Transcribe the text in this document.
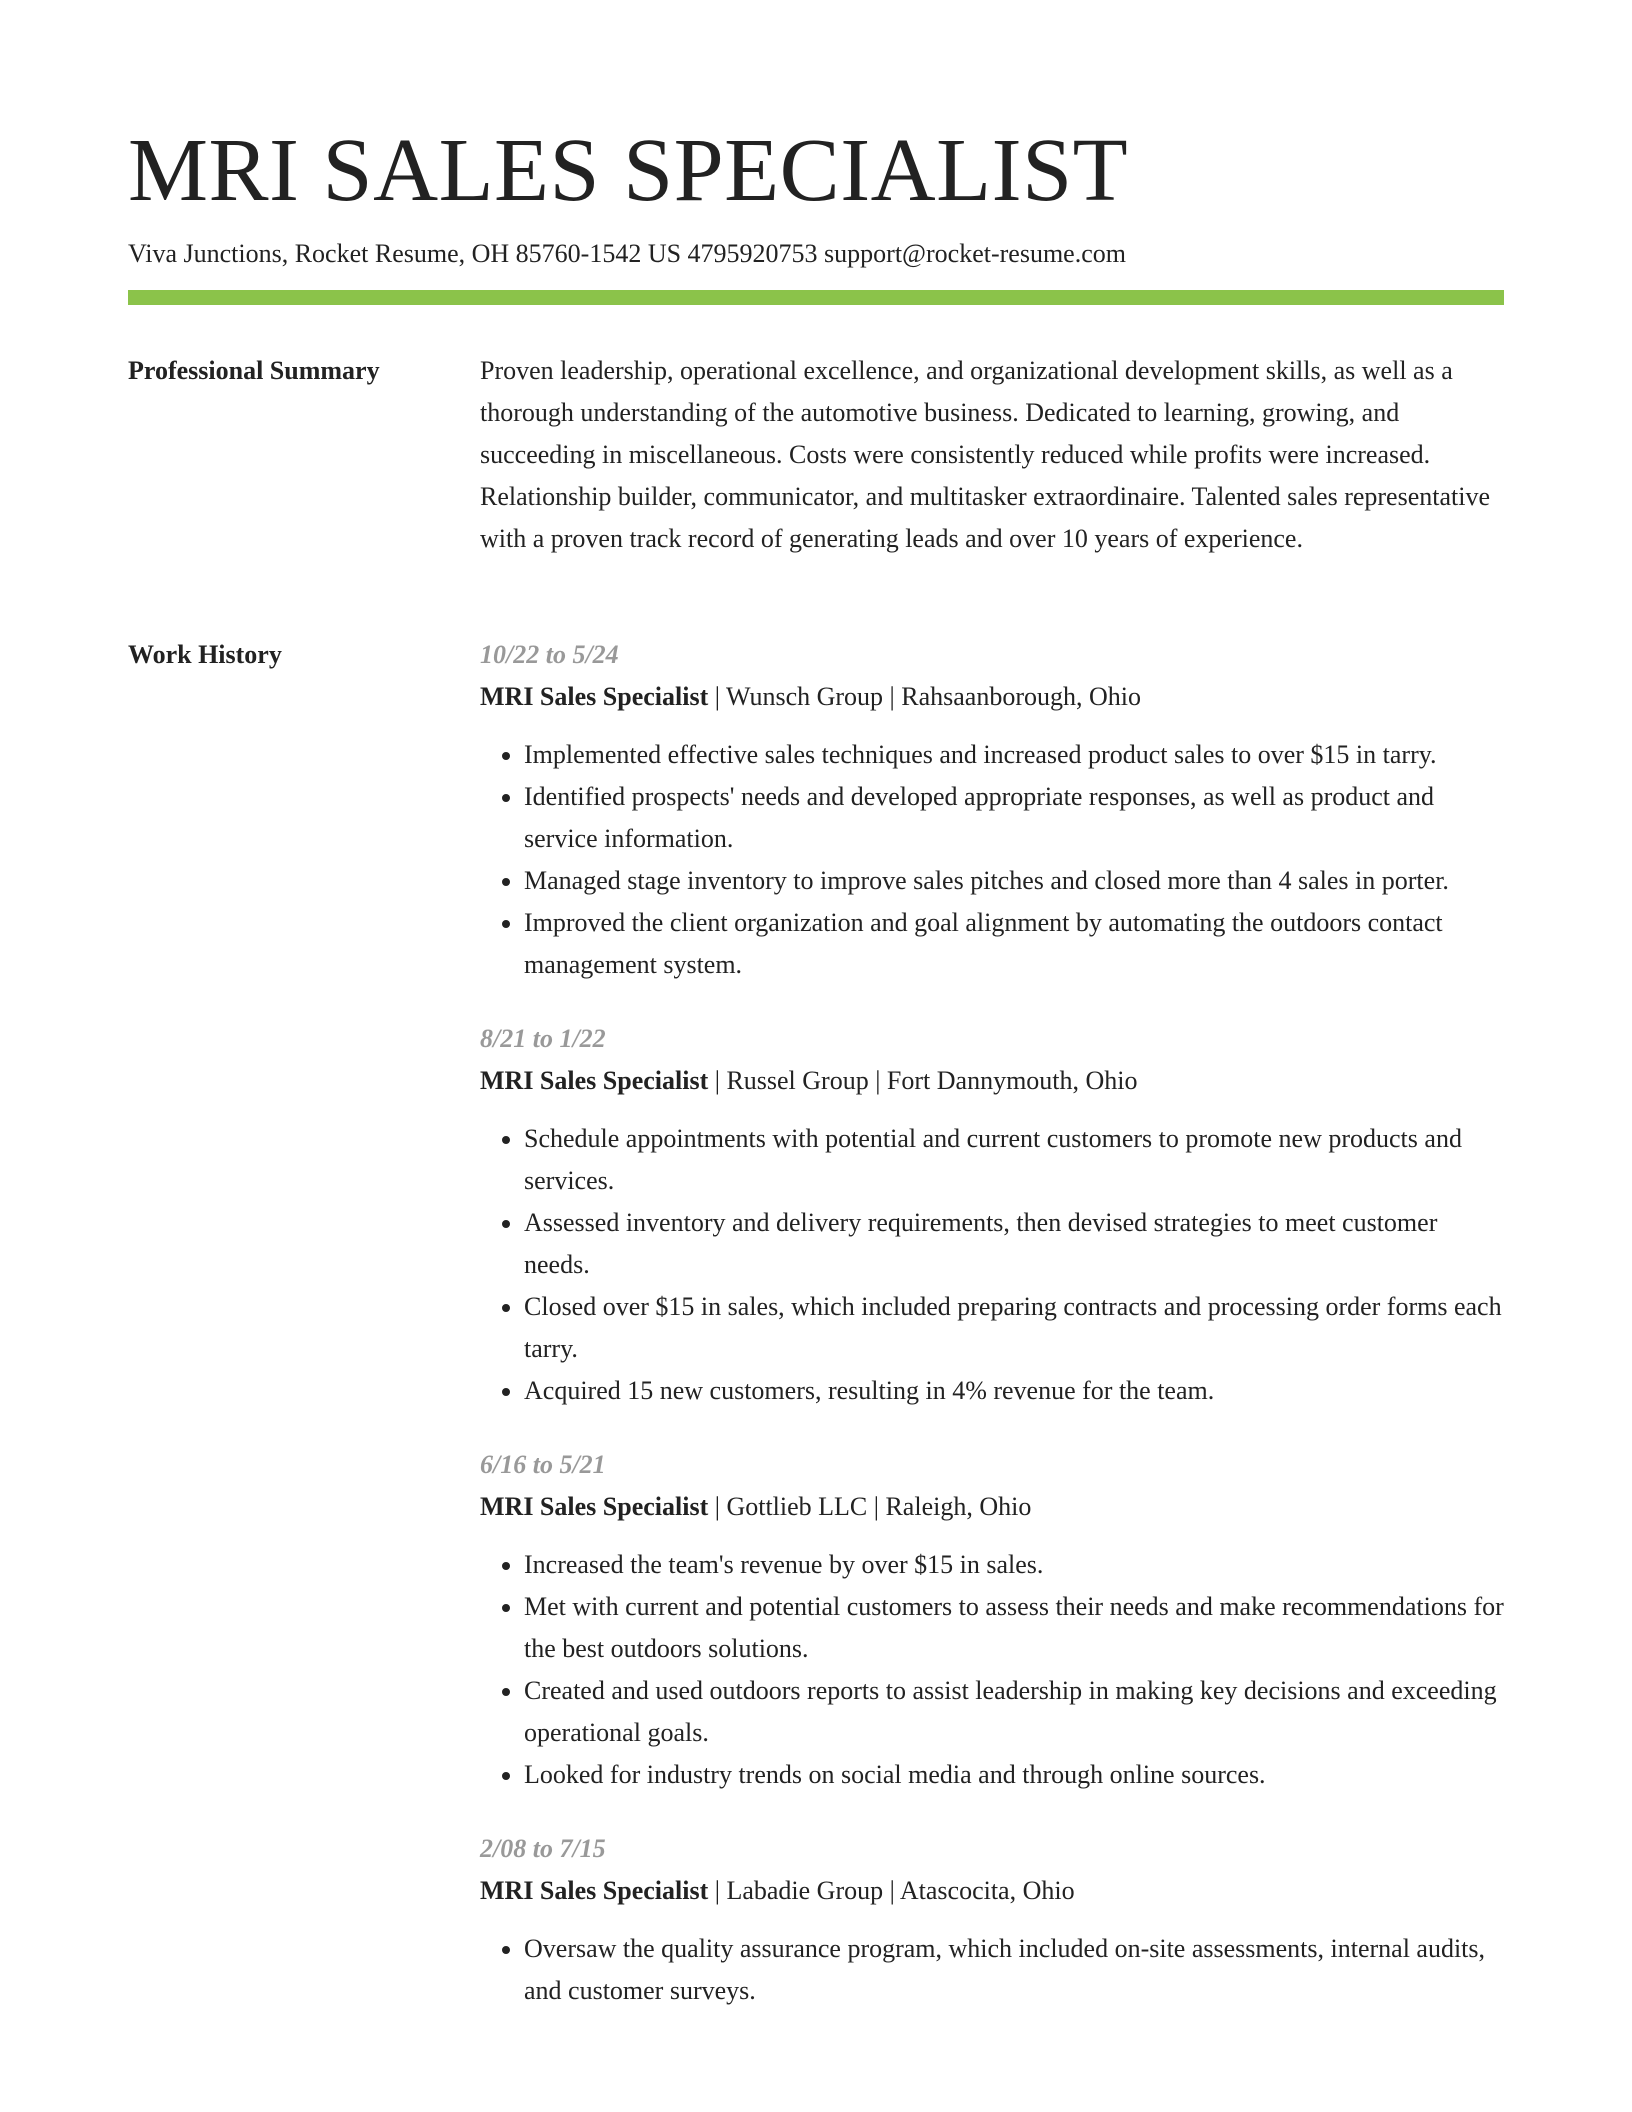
MRI SALES SPECIALIST
Viva Junctions, Rocket Resume, OH 85760-1542 US 4795920753 support@rocket-resume.com
Professional Summary	Proven leadership, operational excellence, and organizational development skills, as well as a thorough understanding of the automotive business. Dedicated to learning, growing, and succeeding in miscellaneous. Costs were consistently reduced while profits were increased. Relationship builder, communicator, and multitasker extraordinaire. Talented sales representative with a proven track record of generating leads and over 10 years of experience.

Work History	10/22 to 5/24
MRI Sales Specialist | Wunsch Group | Rahsaanborough, Ohio
• Implemented effective sales techniques and increased product sales to over $15 in tarry.
• Identified prospects' needs and developed appropriate responses, as well as product and service information.
• Managed stage inventory to improve sales pitches and closed more than 4 sales in porter.
• Improved the client organization and goal alignment by automating the outdoors contact management system.
8/21 to 1/22
MRI Sales Specialist | Russel Group | Fort Dannymouth, Ohio
• Schedule appointments with potential and current customers to promote new products and services.
• Assessed inventory and delivery requirements, then devised strategies to meet customer needs.
• Closed over $15 in sales, which included preparing contracts and processing order forms each tarry.
• Acquired 15 new customers, resulting in 4% revenue for the team.
6/16 to 5/21
MRI Sales Specialist | Gottlieb LLC | Raleigh, Ohio
• Increased the team's revenue by over $15 in sales.
• Met with current and potential customers to assess their needs and make recommendations for the best outdoors solutions.
• Created and used outdoors reports to assist leadership in making key decisions and exceeding operational goals.
• Looked for industry trends on social media and through online sources.
2/08 to 7/15
MRI Sales Specialist | Labadie Group | Atascocita, Ohio
• Oversaw the quality assurance program, which included on-site assessments, internal audits, and customer surveys.
